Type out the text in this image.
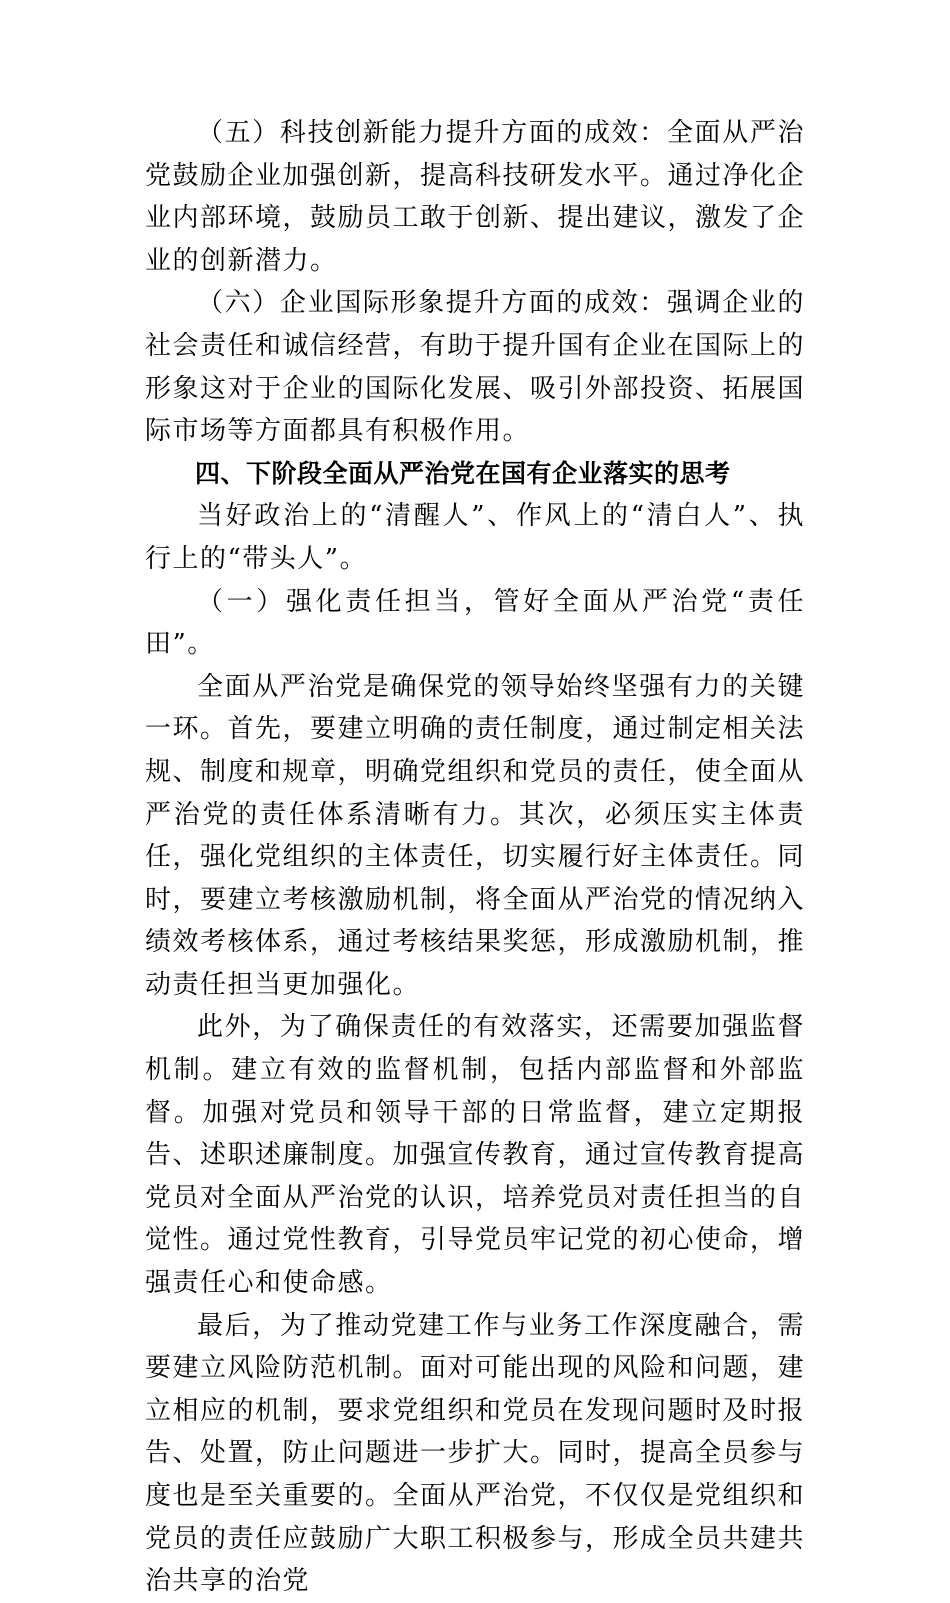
（五）科技创新能力提升方面的成效：全面从严治党鼓励企业加强创新，提高科技研发水平。通过净化企业内部环境，鼓励员工敢于创新、提出建议，激发了企业的创新潜力。

（六）企业国际形象提升方面的成效：强调企业的社会责任和诚信经营，有助于提升国有企业在国际上的形象这对于企业的国际化发展、吸引外部投资、拓展国际市场等方面都具有积极作用。

四、下阶段全面从严治党在国有企业落实的思考

当好政治上的“清醒人”、作风上的“清白人”、执行上的“带头人”。

（一）强化责任担当，管好全面从严治党“责任田”。

全面从严治党是确保党的领导始终坚强有力的关键一环。首先，要建立明确的责任制度，通过制定相关法规、制度和规章，明确党组织和党员的责任，使全面从严治党的责任体系清晰有力。其次，必须压实主体责任，强化党组织的主体责任，切实履行好主体责任。同时，要建立考核激励机制，将全面从严治党的情况纳入绩效考核体系，通过考核结果奖惩，形成激励机制，推动责任担当更加强化。

此外，为了确保责任的有效落实，还需要加强监督机制。建立有效的监督机制，包括内部监督和外部监督。加强对党员和领导干部的日常监督，建立定期报告、述职述廉制度。加强宣传教育，通过宣传教育提高党员对全面从严治党的认识，培养党员对责任担当的自觉性。通过党性教育，引导党员牢记党的初心使命，增强责任心和使命感。

最后，为了推动党建工作与业务工作深度融合，需要建立风险防范机制。面对可能出现的风险和问题，建立相应的机制，要求党组织和党员在发现问题时及时报告、处置，防止问题进一步扩大。同时，提高全员参与度也是至关重要的。全面从严治党，不仅仅是党组织和党员的责任应鼓励广大职工积极参与，形成全员共建共治共享的治党
